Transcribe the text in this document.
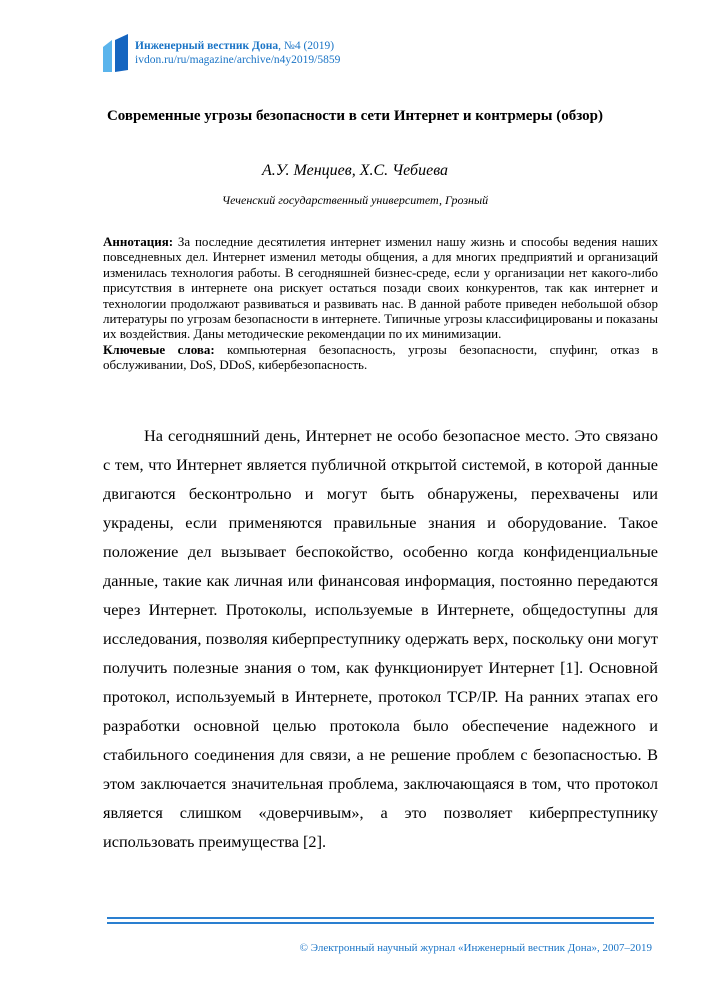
Инженерный вестник Дона, №4 (2019)
ivdon.ru/ru/magazine/archive/n4y2019/5859
Современные угрозы безопасности в сети Интернет и контрмеры (обзор)
А.У. Менциев, Х.С. Чебиева
Чеченский государственный университет, Грозный

Аннотация: За последние десятилетия интернет изменил нашу жизнь и способы ведения наших повседневных дел. Интернет изменил методы общения, а для многих предприятий и организаций изменилась технология работы. В сегодняшней бизнес-среде, если у организации нет какого-либо присутствия в интернете она рискует остаться позади своих конкурентов, так как интернет и технологии продолжают развиваться и развивать нас. В данной работе приведен небольшой обзор литературы по угрозам безопасности в интернете. Типичные угрозы классифицированы и показаны их воздействия. Даны методические рекомендации по их минимизации.
Ключевые слова: компьютерная безопасность, угрозы безопасности, спуфинг, отказ в обслуживании, DoS, DDoS, кибербезопасность.

На сегодняшний день, Интернет не особо безопасное место. Это связано с тем, что Интернет является публичной открытой системой, в которой данные двигаются бесконтрольно и могут быть обнаружены, перехвачены или украдены, если применяются правильные знания и оборудование. Такое положение дел вызывает беспокойство, особенно когда конфиденциальные данные, такие как личная или финансовая информация, постоянно передаются через Интернет. Протоколы, используемые в Интернете, общедоступны для исследования, позволяя киберпреступнику одержать верх, поскольку они могут получить полезные знания о том, как функционирует Интернет [1]. Основной протокол, используемый в Интернете, протокол TCP/IP. На ранних этапах его разработки основной целью протокола было обеспечение надежного и стабильного соединения для связи, а не решение проблем с безопасностью. В этом заключается значительная проблема, заключающаяся в том, что протокол является слишком «доверчивым», а это позволяет киберпреступнику использовать преимущества [2].

© Электронный научный журнал «Инженерный вестник Дона», 2007–2019
